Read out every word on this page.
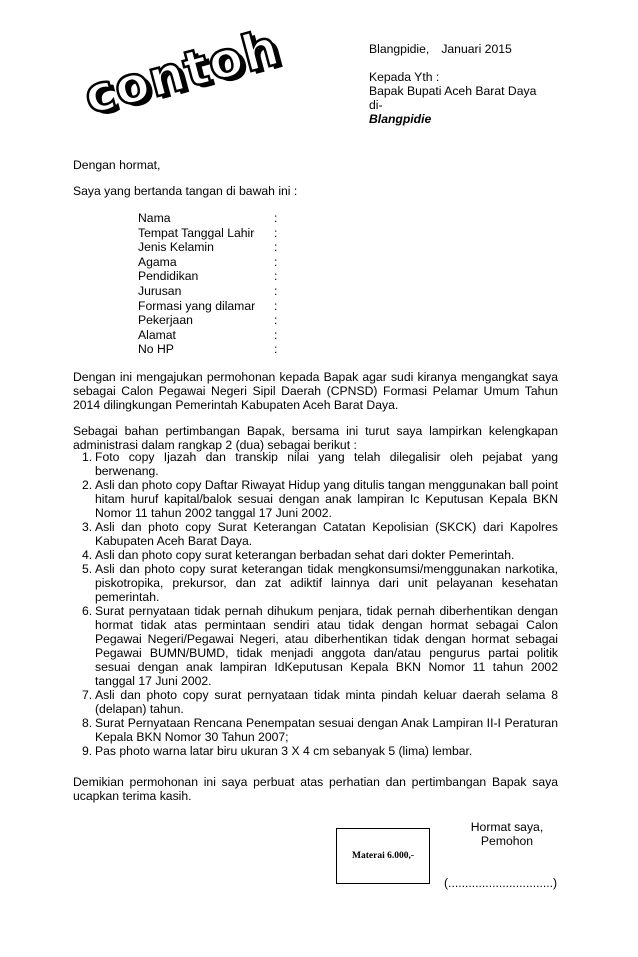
contoh	Blangpidie, Januari 2015
Kepada Yth :
Bapak Bupati Aceh Barat Daya
di-
Blangpidie
Dengan hormat,
Saya yang bertanda tangan di bawah ini :
Nama	:
Tempat Tanggal Lahir :
Jenis Kelamin	:
Agama	:
Pendidikan	:
Jurusan	:
Formasi yang dilamar :
Pekerjaan	:
Alamat	:
No HP	:
Dengan ini mengajukan permohonan kepada Bapak agar sudi kiranya mengangkat saya sebagai Calon Pegawai Negeri Sipil Daerah (CPNSD) Formasi Pelamar Umum Tahun 2014 dilingkungan Pemerintah Kabupaten Aceh Barat Daya.
Sebagai bahan pertimbangan Bapak, bersama ini turut saya lampirkan kelengkapan administrasi dalam rangkap 2 (dua) sebagai berikut :
1. Foto copy Ijazah dan transkip nilai yang telah dilegalisir oleh pejabat yang berwenang.
2. Asli dan photo copy Daftar Riwayat Hidup yang ditulis tangan menggunakan ball point hitam huruf kapital/balok sesuai dengan anak lampiran Ic Keputusan Kepala BKN Nomor 11 tahun 2002 tanggal 17 Juni 2002.
3. Asli dan photo copy Surat Keterangan Catatan Kepolisian (SKCK) dari Kapolres Kabupaten Aceh Barat Daya.
4. Asli dan photo copy surat keterangan berbadan sehat dari dokter Pemerintah.
5. Asli dan photo copy surat keterangan tidak mengkonsumsi/menggunakan narkotika, piskotropika, prekursor, dan zat adiktif lainnya dari unit pelayanan kesehatan pemerintah.
6. Surat pernyataan tidak pernah dihukum penjara, tidak pernah diberhentikan dengan hormat tidak atas permintaan sendiri atau tidak dengan hormat sebagai Calon Pegawai Negeri/Pegawai Negeri, atau diberhentikan tidak dengan hormat sebagai Pegawai BUMN/BUMD, tidak menjadi anggota dan/atau pengurus partai politik sesuai dengan anak lampiran IdKeputusan Kepala BKN Nomor 11 tahun 2002 tanggal 17 Juni 2002.
7. Asli dan photo copy surat pernyataan tidak minta pindah keluar daerah selama 8 (delapan) tahun.
8. Surat Pernyataan Rencana Penempatan sesuai dengan Anak Lampiran II-I Peraturan Kepala BKN Nomor 30 Tahun 2007;
9. Pas photo warna latar biru ukuran 3 X 4 cm sebanyak 5 (lima) lembar.
Demikian permohonan ini saya perbuat atas perhatian dan pertimbangan Bapak saya ucapkan terima kasih.
Hormat saya,
Pemohon
Materai 6.000,-
(...............................)
